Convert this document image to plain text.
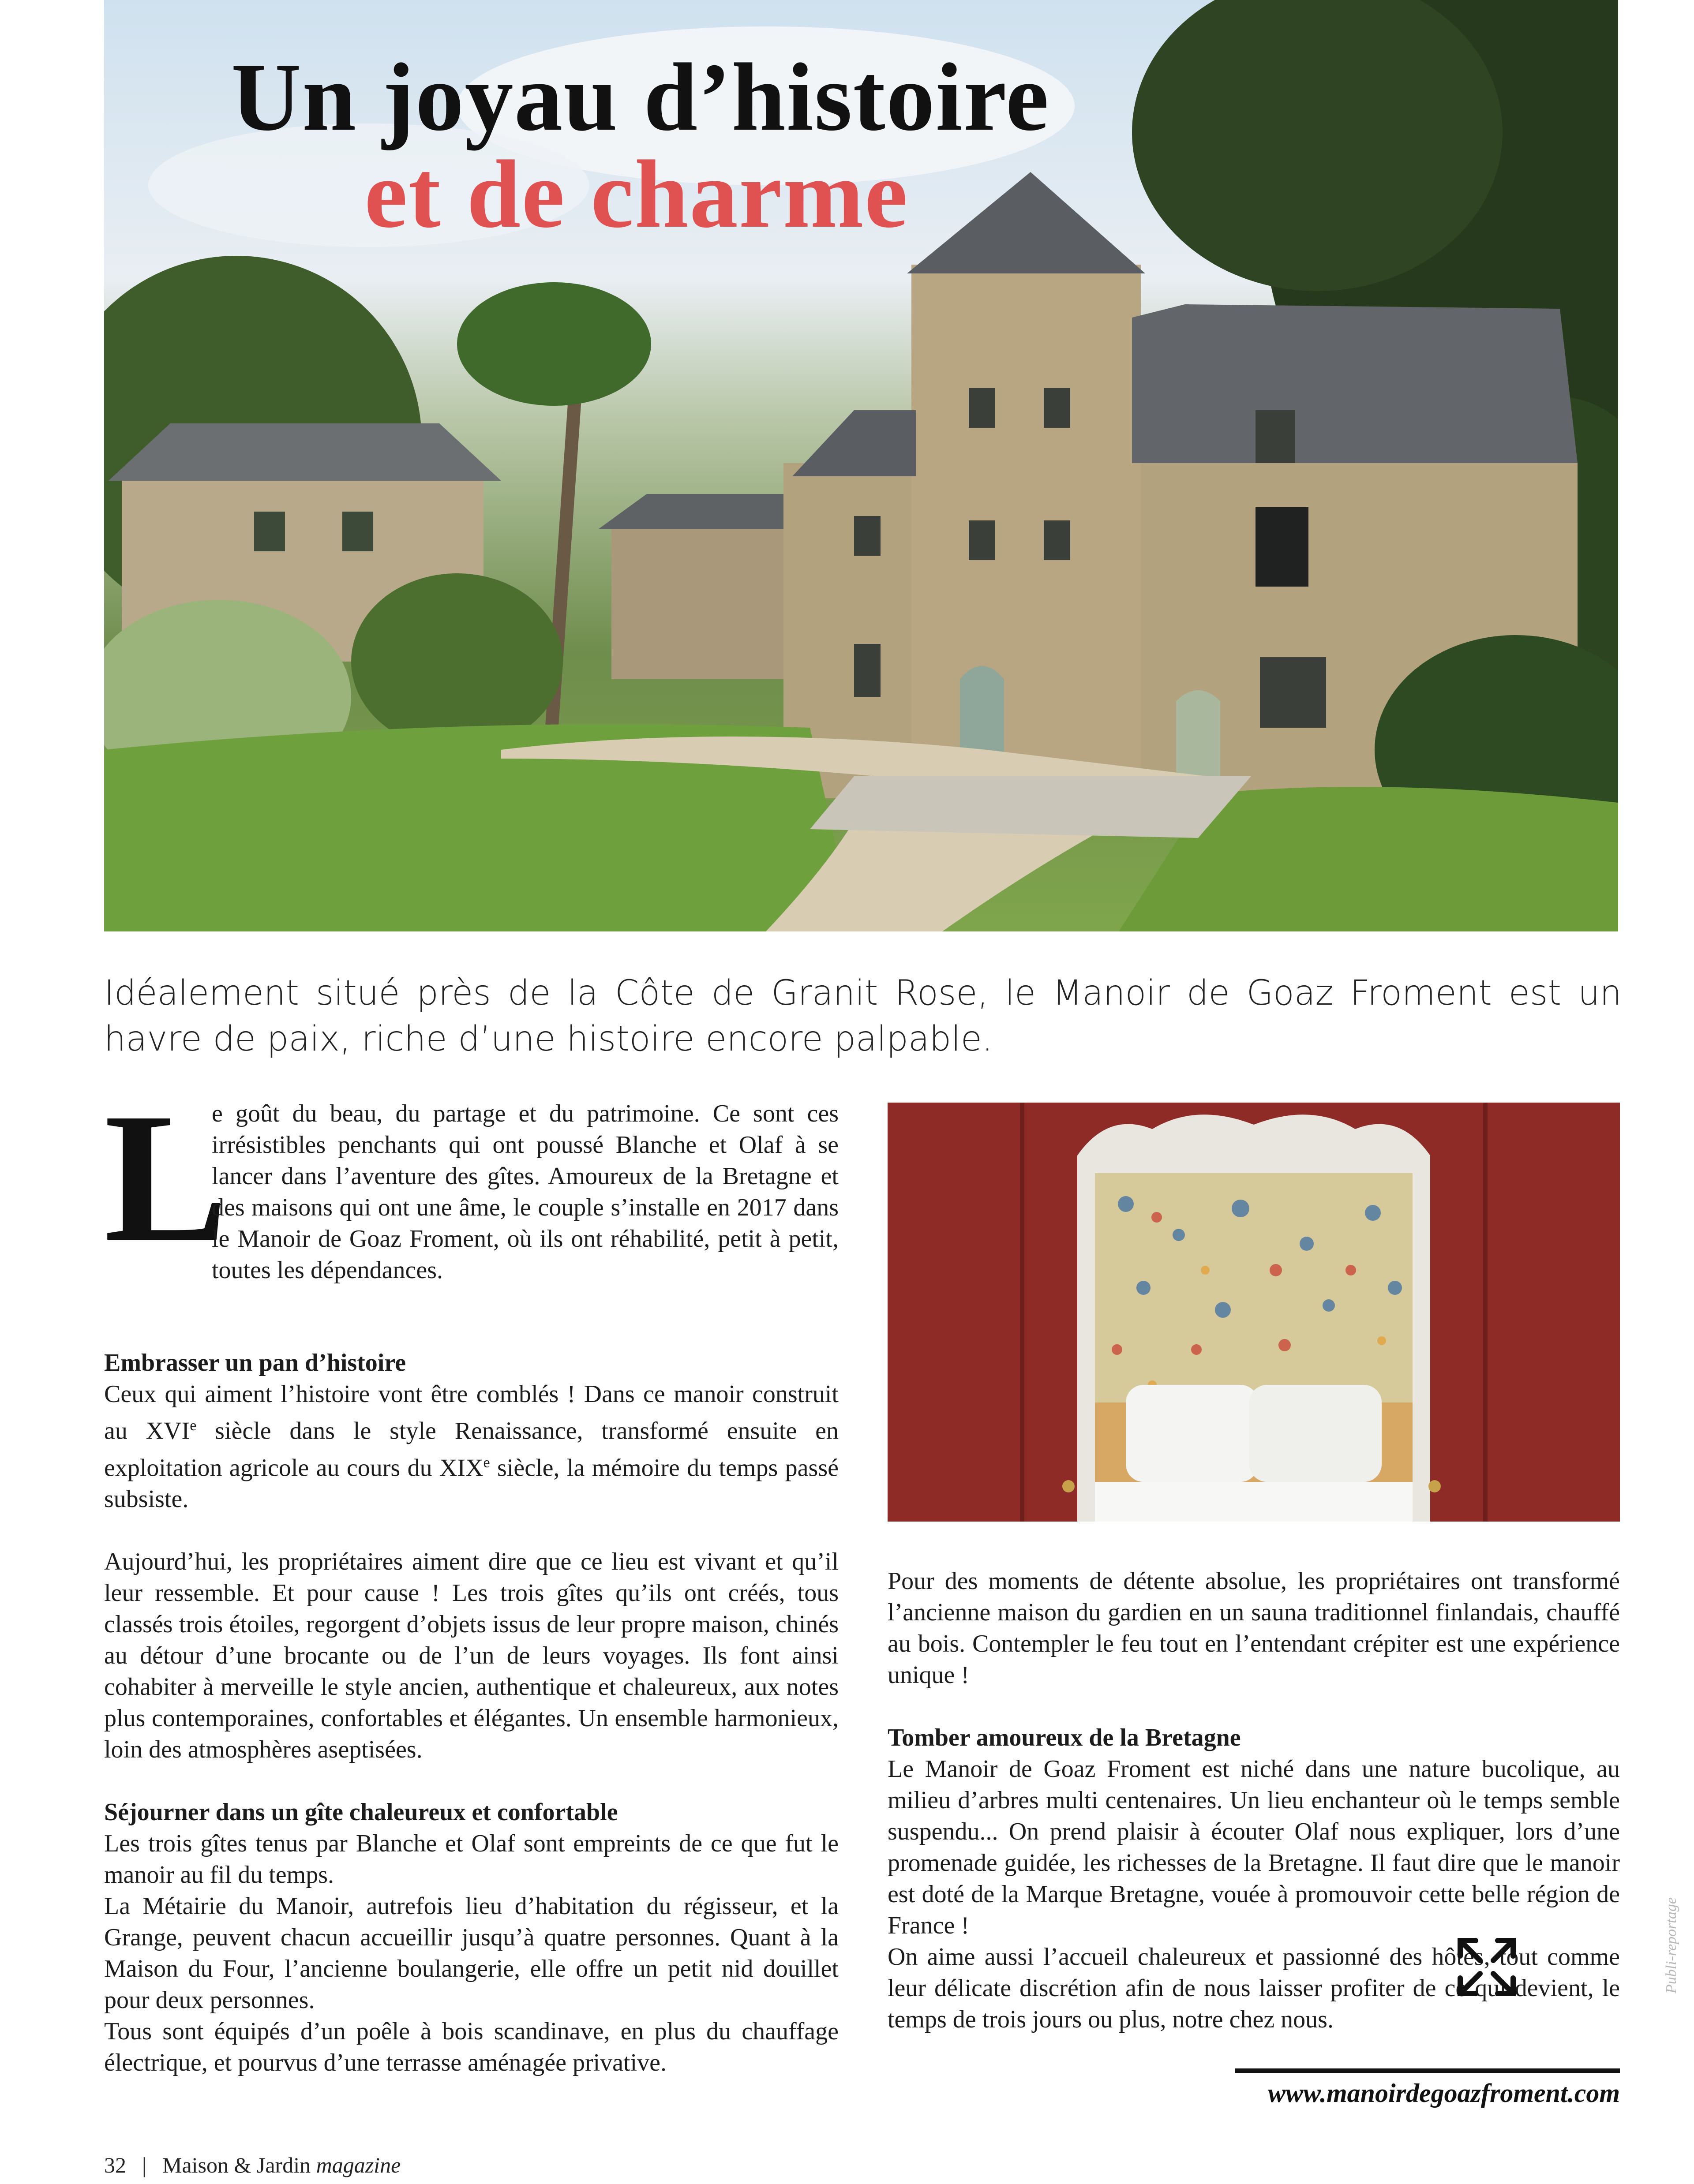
Un joyau d’histoire
et de charme
Idéalement situé près de la Côte de Granit Rose, le Manoir de Goaz Froment est un havre de paix, riche d’une histoire encore palpable.
L
e goût du beau, du partage et du patrimoine. Ce sont ces irrésistibles penchants qui ont poussé Blanche et Olaf à se lancer dans l’aventure des gîtes. Amoureux de la Bretagne et des maisons qui ont une âme, le couple s’installe en 2017 dans le Manoir de Goaz Froment, où ils ont réhabilité, petit à petit, toutes les dépendances.
Embrasser un pan d’histoire

Ceux qui aiment l’histoire vont être comblés ! Dans ce manoir construit au XVIe siècle dans le style Renaissance, transformé ensuite en exploitation agricole au cours du XIXe siècle, la mémoire du temps passé subsiste.

Aujourd’hui, les propriétaires aiment dire que ce lieu est vivant et qu’il leur ressemble. Et pour cause ! Les trois gîtes qu’ils ont créés, tous classés trois étoiles, regorgent d’objets issus de leur propre maison, chinés au détour d’une brocante ou de l’un de leurs voyages. Ils font ainsi cohabiter à merveille le style ancien, authentique et chaleureux, aux notes plus contemporaines, confortables et élégantes. Un ensemble harmonieux, loin des atmosphères aseptisées.

Séjourner dans un gîte chaleureux et confortable

Les trois gîtes tenus par Blanche et Olaf sont empreints de ce que fut le manoir au fil du temps.

La Métairie du Manoir, autrefois lieu d’habitation du régisseur, et la Grange, peuvent chacun accueillir jusqu’à quatre personnes. Quant à la Maison du Four, l’ancienne boulangerie, elle offre un petit nid douillet pour deux personnes.

Tous sont équipés d’un poêle à bois scandinave, en plus du chauffage électrique, et pourvus d’une terrasse aménagée privative.

Pour des moments de détente absolue, les propriétaires ont transformé l’ancienne maison du gardien en un sauna traditionnel finlandais, chauffé au bois. Contempler le feu tout en l’entendant crépiter est une expérience unique !

Tomber amoureux de la Bretagne

Le Manoir de Goaz Froment est niché dans une nature bucolique, au milieu d’arbres multi centenaires. Un lieu enchanteur où le temps semble suspendu... On prend plaisir à écouter Olaf nous expliquer, lors d’une promenade guidée, les richesses de la Bretagne. Il faut dire que le manoir est doté de la Marque Bretagne, vouée à promouvoir cette belle région de France !

On aime aussi l’accueil chaleureux et passionné des hôtes, tout comme leur délicate discrétion afin de nous laisser profiter de ce qui devient, le temps de trois jours ou plus, notre chez nous.

www.manoirdegoazfroment.com
Publi-reportage
32 | Maison & Jardin magazine
